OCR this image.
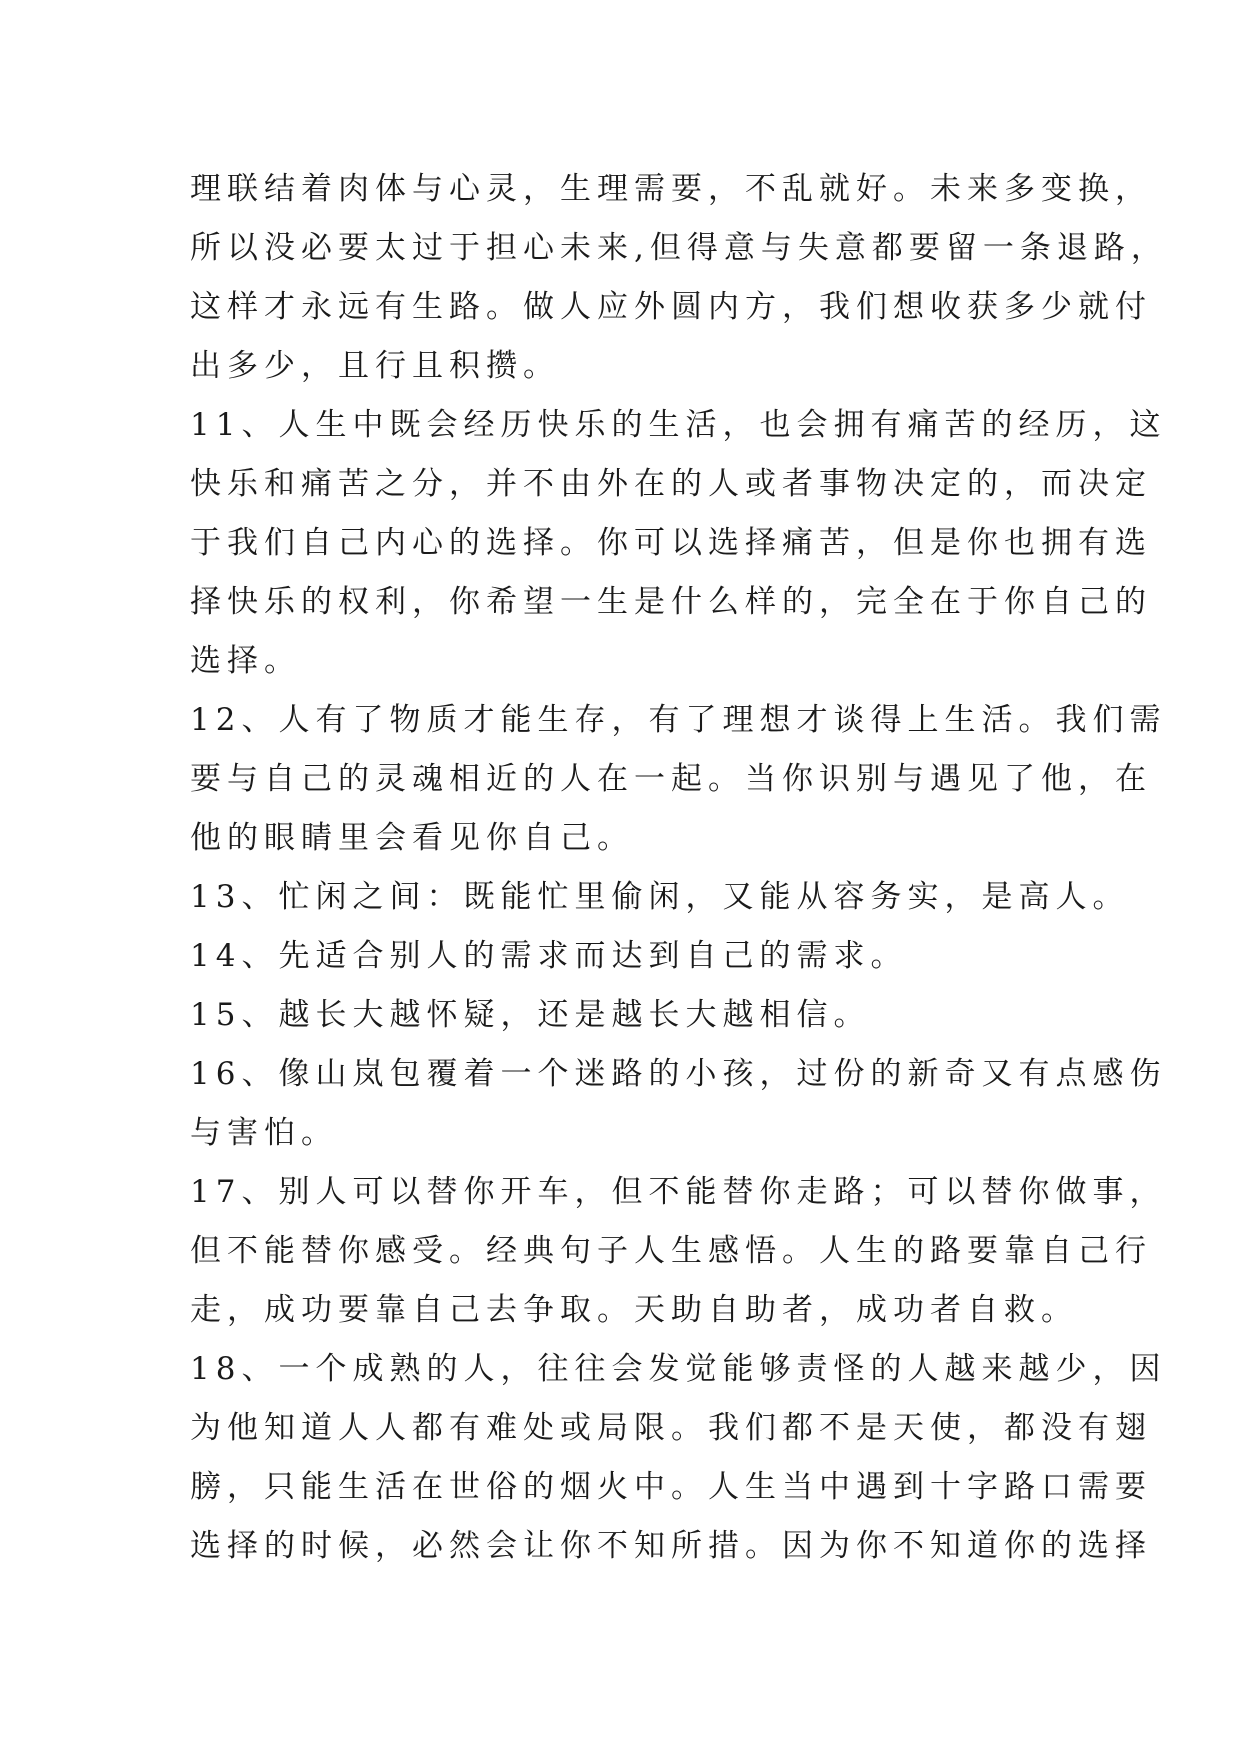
理联结着肉体与心灵，生理需要，不乱就好。未来多变换，
所以没必要太过于担心未来,但得意与失意都要留一条退路，
这样才永远有生路。做人应外圆内方，我们想收获多少就付
出多少，且行且积攒。
11、人生中既会经历快乐的生活，也会拥有痛苦的经历，这
快乐和痛苦之分，并不由外在的人或者事物决定的，而决定
于我们自己内心的选择。你可以选择痛苦，但是你也拥有选
择快乐的权利，你希望一生是什么样的，完全在于你自己的
选择。
12、人有了物质才能生存，有了理想才谈得上生活。我们需
要与自己的灵魂相近的人在一起。当你识别与遇见了他，在
他的眼睛里会看见你自己。
13、忙闲之间：既能忙里偷闲，又能从容务实，是高人。
14、先适合别人的需求而达到自己的需求。
15、越长大越怀疑，还是越长大越相信。
16、像山岚包覆着一个迷路的小孩，过份的新奇又有点感伤
与害怕。
17、别人可以替你开车，但不能替你走路；可以替你做事，
但不能替你感受。经典句子人生感悟。人生的路要靠自己行
走，成功要靠自己去争取。天助自助者，成功者自救。
18、一个成熟的人，往往会发觉能够责怪的人越来越少，因
为他知道人人都有难处或局限。我们都不是天使，都没有翅
膀，只能生活在世俗的烟火中。人生当中遇到十字路口需要
选择的时候，必然会让你不知所措。因为你不知道你的选择
